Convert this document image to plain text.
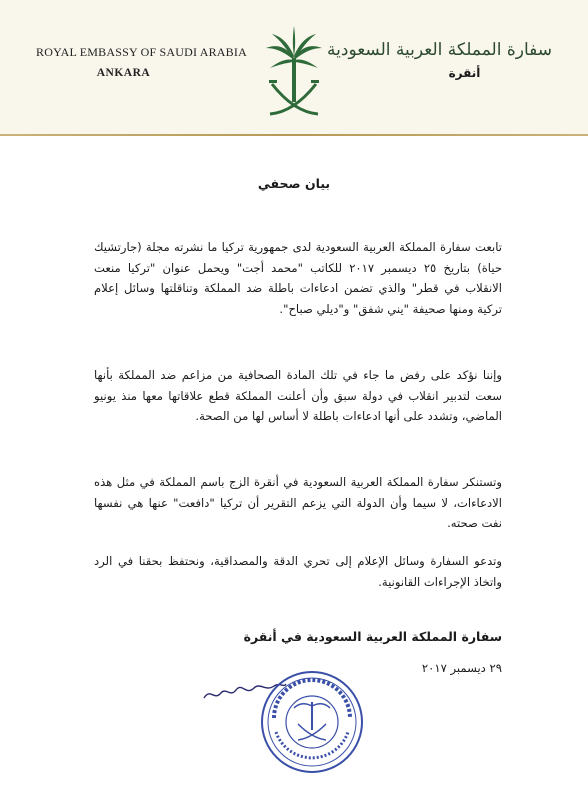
ROYAL EMBASSY OF SAUDI ARABIA
ANKARA
سفارة المملكة العربية السعودية
أنقرة
بيان صحفي

تابعت سفارة المملكة العربية السعودية لدى جمهورية تركيا ما نشرته مجلة (جارتشيك حياة) بتاريخ ٢٥ ديسمبر ٢٠١٧ للكاتب "محمد أجت" ويحمل عنوان "تركيا منعت الانقلاب في قطر" والذي تضمن ادعاءات باطلة ضد المملكة وتناقلتها وسائل إعلام تركية ومنها صحيفة "يني شفق" و"ديلي صباح".

وإننا نؤكد على رفض ما جاء في تلك المادة الصحافية من مزاعم ضد المملكة بأنها سعت لتدبير انقلاب في دولة سبق وأن أعلنت المملكة قطع علاقاتها معها منذ يونيو الماضي، وتشدد على أنها ادعاءات باطلة لا أساس لها من الصحة.

وتستنكر سفارة المملكة العربية السعودية في أنقرة الزج باسم المملكة في مثل هذه الادعاءات، لا سيما وأن الدولة التي يزعم التقرير أن تركيا "دافعت" عنها هي نفسها نفت صحته.

وتدعو السفارة وسائل الإعلام إلى تحري الدقة والمصداقية، ونحتفظ بحقنا في الرد واتخاذ الإجراءات القانونية.

سفارة المملكة العربية السعودية في أنقرة

٢٩ ديسمبر ٢٠١٧
